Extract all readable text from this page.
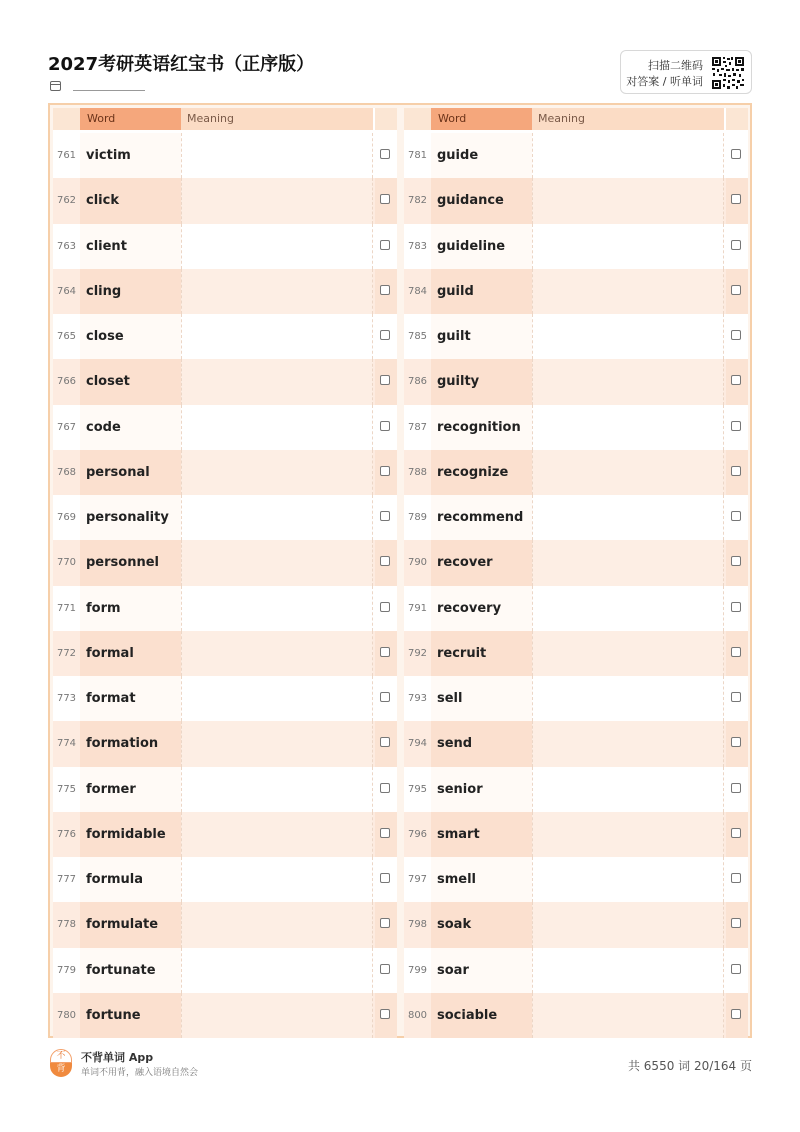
2027考研英语红宝书（正序版）	扫描二维码
对答案 / 听单词
Word	Meaning
761 victim
762 click
763 client
764 cling
765 close
766 closet
767 code
768 personal
769 personality
770 personnel
771 form
772 formal
773 format
774 formation
775 former
776 formidable
777 formula
778 formulate
779 fortunate
780 fortune
Word	Meaning
781 guide
782 guidance
783 guideline
784 guild
785 guilt
786 guilty
787 recognition
788 recognize
789 recommend
790 recover
791 recovery
792 recruit
793 sell
794 send
795 senior
796 smart
797 smell
798 soak
799 soar
800 sociable
不
背
不背单词 App
单词不用背，融入语境自然会	共 6550 词 20/164 页
